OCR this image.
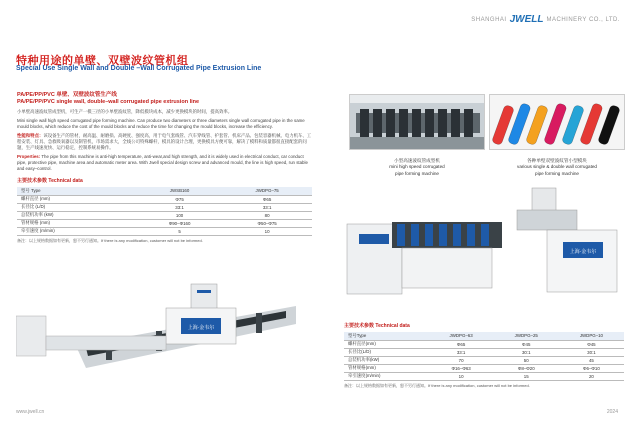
SHANGHAI JWELL MACHINERY CO., LTD.
特种用途的单壁、双壁波纹管机组
Special Use Single Wall and Double –Wall Corrugated Pipe Extrusion Line
PA/PE/PP/PVC 单壁、双壁波纹管生产线
PA/PE/PP/PVC single wall, double–wall corrugated pipe extrusion line

小单壁高速波纹管成型机，可生产一模三径的小单壁波纹管，降低模块成本，减少更换模块的时间，提高效率。

Mini single wall high speed corrugated pipe forming machine. Can produce two diameters or three diameters single wall corrugated pipe in the same mould blocks, which reduce the cost of the mould blocks and reduce the time for changing the mould blocks, increase the efficiency.

性能和特点：该设备生产的管材，耐高温、耐磨损、高硬度、强度高，用于电气套线管、汽车穿线管、护套管、机床产品、包装容器机械、电力机车、工程安装、灯具、急救吸氧器以及制管机，市场需求大，全线公司特殊螺杆，模具的设计合理，更换模具方便可靠，解决了模料和质量都很直接配套的问题，生产线速度快、运行稳定，控制系统易操作。

Properties: The pipe from this machine is anti-high temperature, anti-wear,and high strength, and it is widely used in electrical conduct, car conduct pipe, protective pipe, machine area and automatic meter area. With Jwell special design screw and advanced mould, the line is high speed, run stable and easy–control.

主要技术参数 Technical data
型号 Type	JWSB160	JWDPG–75
螺杆直径 (mm)	Φ75	Φ65
长径比 (L/D)	33:1	33:1
总装机功率 (kW)	100	80
管材规格 (mm)	Φ90–Φ160	Φ50–Φ75
牵引速度 (m/min)	5	10
备注：以上规格数据如有更新，恕不另行通知。If there is any modification, customer will not be informed.
小型高速波纹管成型机
mini high speed corrugated
pipe forming machine
各种单壁双壁波纹管小型模块
various single & double wall corrugated
pipe forming machine
上海·金韦尔
上海·金韦尔
主要技术参数 Technical data
型号Type	JWDPG–63	JWDPG–25	JWDPG–10
螺杆直径(mm)	Φ65	Φ45	Φ45
长径比(L/D)	33:1	30:1	30:1
总装机功率(kW)	70	50	45
管材规格(mm)	Φ16–Φ63	Φ8–Φ20	Φ6–Φ10
牵引速度(m/min)	10	15	20
备注：以上规格数据如有更新，恕不另行通知。If there is any modification, customer will not be informed.
www.jwell.cn	2024
